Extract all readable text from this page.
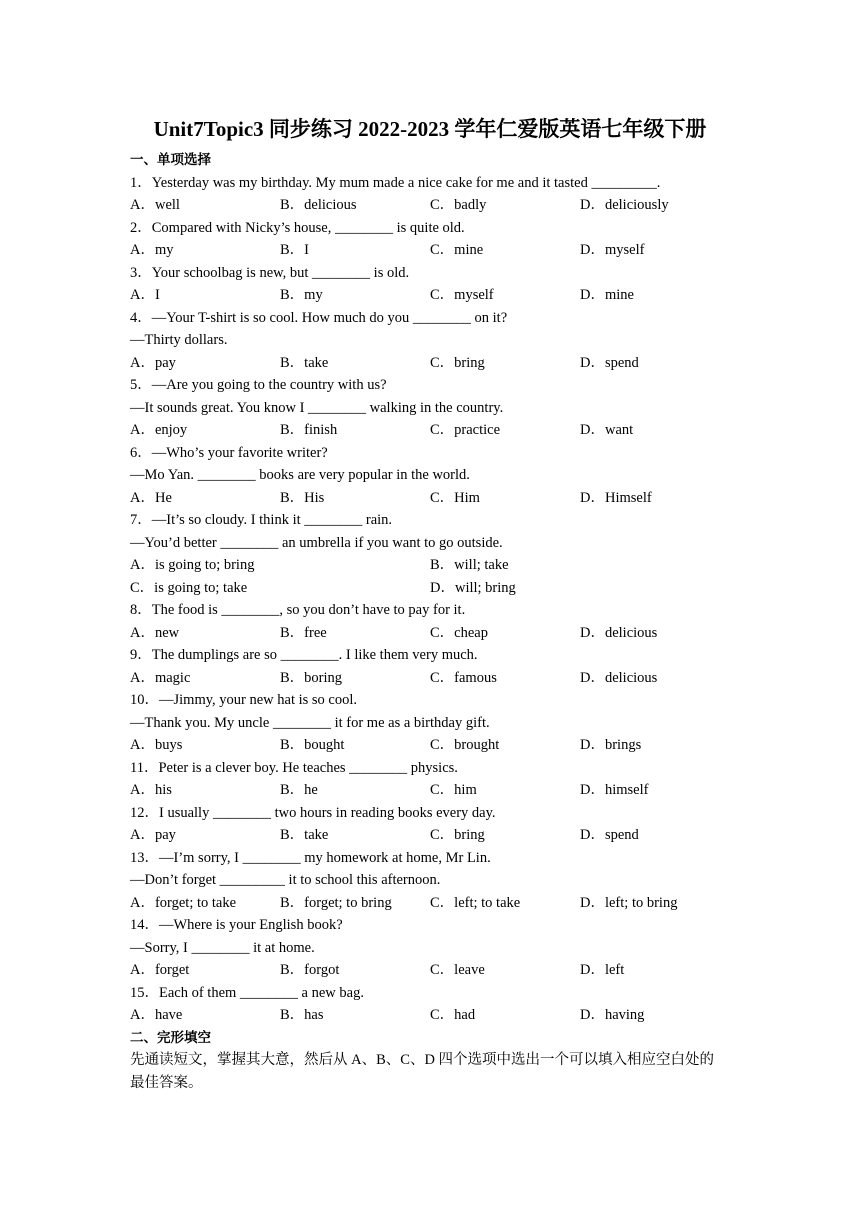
Unit7Topic3 同步练习 2022-2023 学年仁爱版英语七年级下册
一、单项选择
1．Yesterday was my birthday. My mum made a nice cake for me and it tasted _________.
A．well	B．delicious	C．badly	D．deliciously
2．Compared with Nicky’s house, ________ is quite old.
A．my	B．I	C．mine	D．myself
3．Your schoolbag is new, but ________ is old.
A．I	B．my	C．myself	D．mine
4．—Your T-shirt is so cool. How much do you ________ on it?
—Thirty dollars.
A．pay	B．take	C．bring	D．spend
5．—Are you going to the country with us?
—It sounds great. You know I ________ walking in the country.
A．enjoy	B．finish	C．practice	D．want
6．—Who’s your favorite writer?
—Mo Yan. ________ books are very popular in the world.
A．He	B．His	C．Him	D．Himself
7．—It’s so cloudy. I think it ________ rain.
—You’d better ________ an umbrella if you want to go outside.
A．is going to; bring	B．will; take
C．is going to; take	D．will; bring
8．The food is ________, so you don’t have to pay for it.
A．new	B．free	C．cheap	D．delicious
9．The dumplings are so ________. I like them very much.
A．magic	B．boring	C．famous	D．delicious
10．—Jimmy, your new hat is so cool.
—Thank you. My uncle ________ it for me as a birthday gift.
A．buys	B．bought	C．brought	D．brings
11．Peter is a clever boy. He teaches ________ physics.
A．his	B．he	C．him	D．himself
12．I usually ________ two hours in reading books every day.
A．pay	B．take	C．bring	D．spend
13．—I’m sorry, I ________ my homework at home, Mr Lin.
—Don’t forget _________ it to school this afternoon.
A．forget; to take	B．forget; to bring	C．left; to take	D．left; to bring
14．—Where is your English book?
—Sorry, I ________ it at home.
A．forget	B．forgot	C．leave	D．left
15．Each of them ________ a new bag.
A．have	B．has	C．had	D．having
二、完形填空
先通读短文，掌握其大意，然后从 A、B、C、D 四个选项中选出一个可以填入相应空白处的最佳答案。
